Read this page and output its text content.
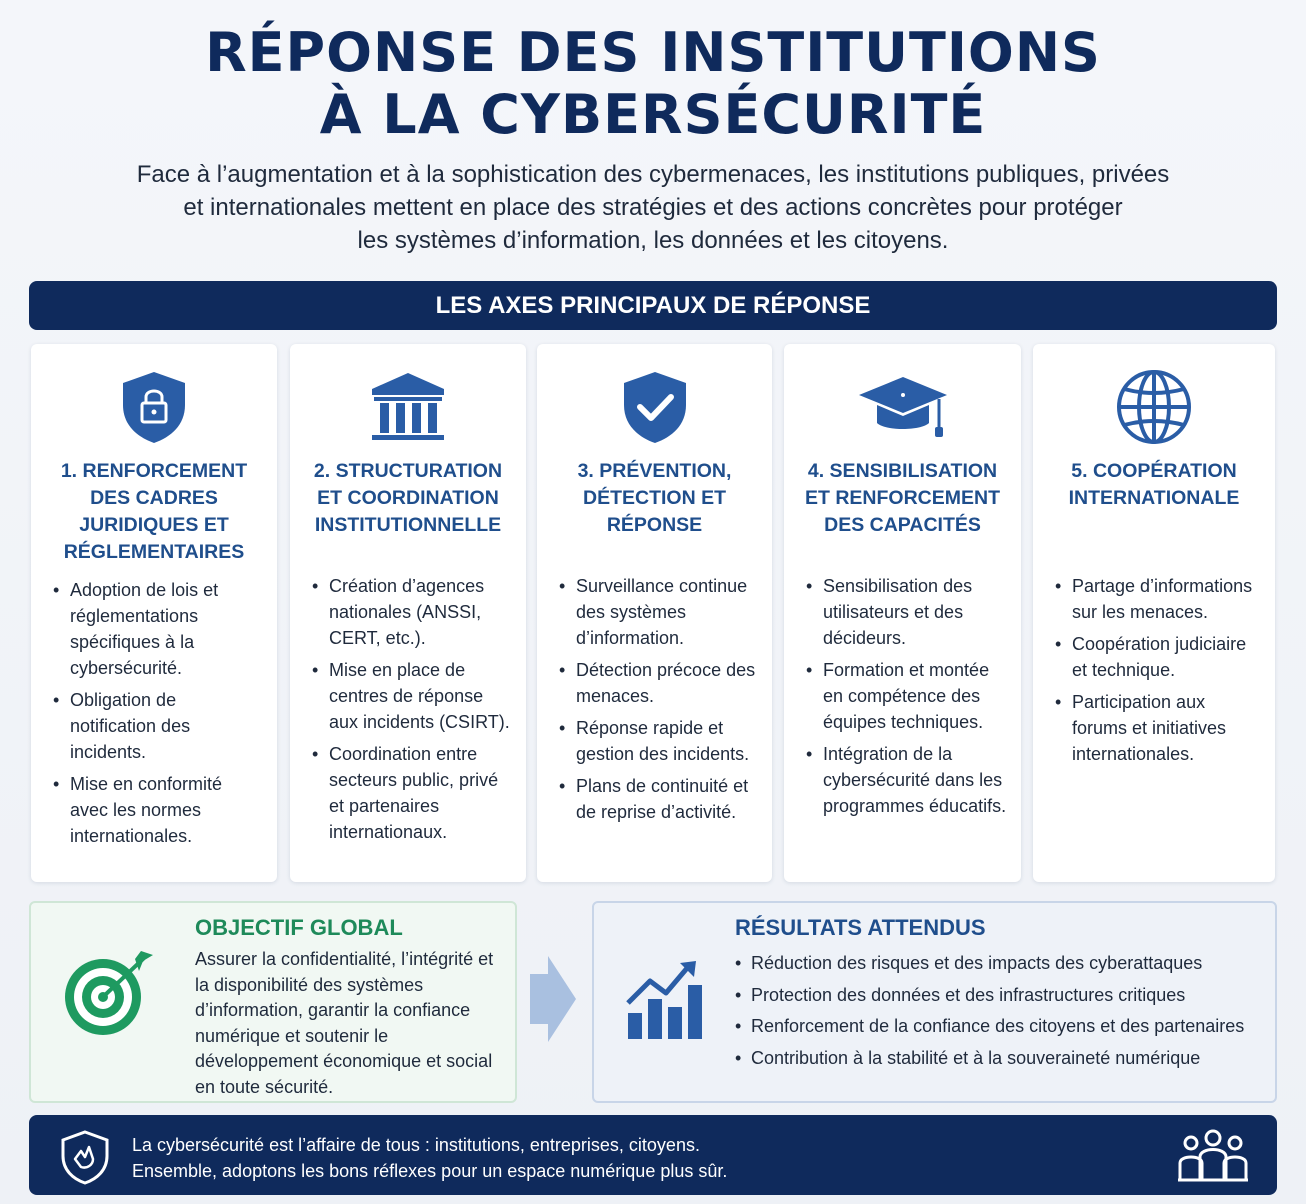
RÉPONSE DES INSTITUTIONS
À LA CYBERSÉCURITÉ
Face à l’augmentation et à la sophistication des cybermenaces, les institutions publiques, privées
et internationales mettent en place des stratégies et des actions concrètes pour protéger
les systèmes d’information, les données et les citoyens.
LES AXES PRINCIPAUX DE RÉPONSE
1. RENFORCEMENT
DES CADRES
JURIDIQUES ET
RÉGLEMENTAIRES
• Adoption de lois et réglementations spécifiques à la cybersécurité.
• Obligation de notification des incidents.
• Mise en conformité avec les normes internationales.
2. STRUCTURATION
ET COORDINATION
INSTITUTIONNELLE
• Création d’agences nationales (ANSSI, CERT, etc.).
• Mise en place de centres de réponse aux incidents (CSIRT).
• Coordination entre secteurs public, privé et partenaires internationaux.
3. PRÉVENTION,
DÉTECTION ET
RÉPONSE
• Surveillance continue des systèmes d’information.
• Détection précoce des menaces.
• Réponse rapide et gestion des incidents.
• Plans de continuité et de reprise d’activité.
4. SENSIBILISATION
ET RENFORCEMENT
DES CAPACITÉS
• Sensibilisation des utilisateurs et des décideurs.
• Formation et montée en compétence des équipes techniques.
• Intégration de la cybersécurité dans les programmes éducatifs.
5. COOPÉRATION
INTERNATIONALE
• Partage d’informations sur les menaces.
• Coopération judiciaire et technique.
• Participation aux forums et initiatives internationales.
OBJECTIF GLOBAL
Assurer la confidentialité, l’intégrité et la disponibilité des systèmes d’information, garantir la confiance numérique et soutenir le développement économique et social en toute sécurité.
RÉSULTATS ATTENDUS
• Réduction des risques et des impacts des cyberattaques
• Protection des données et des infrastructures critiques
• Renforcement de la confiance des citoyens et des partenaires
• Contribution à la stabilité et à la souveraineté numérique
La cybersécurité est l’affaire de tous : institutions, entreprises, citoyens.
Ensemble, adoptons les bons réflexes pour un espace numérique plus sûr.
